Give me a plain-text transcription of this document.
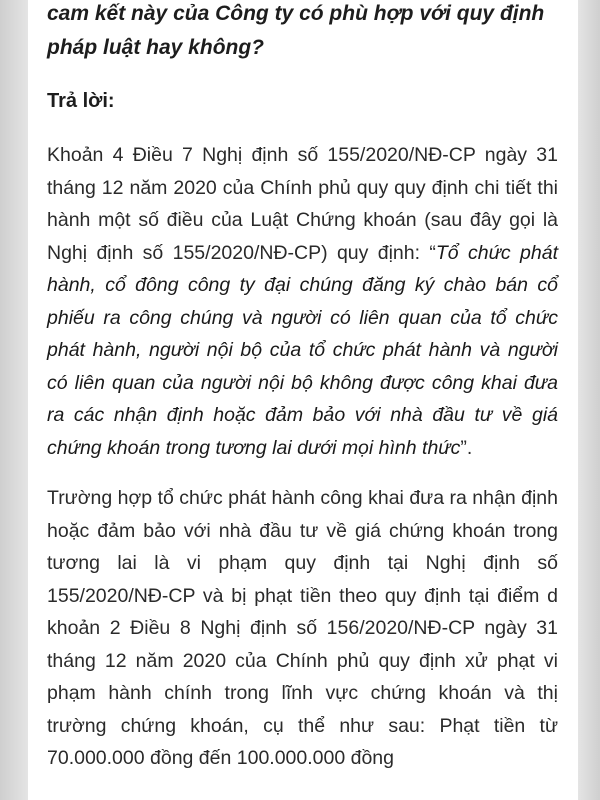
cam kết này của Công ty có phù hợp với quy định pháp luật hay không?

Trả lời:

Khoản 4 Điều 7 Nghị định số 155/2020/NĐ-CP ngày 31 tháng 12 năm 2020 của Chính phủ quy quy định chi tiết thi hành một số điều của Luật Chứng khoán (sau đây gọi là Nghị định số 155/2020/NĐ-CP) quy định: “Tổ chức phát hành, cổ đông công ty đại chúng đăng ký chào bán cổ phiếu ra công chúng và người có liên quan của tổ chức phát hành, người nội bộ của tổ chức phát hành và người có liên quan của người nội bộ không được công khai đưa ra các nhận định hoặc đảm bảo với nhà đầu tư về giá chứng khoán trong tương lai dưới mọi hình thức”.

Trường hợp tổ chức phát hành công khai đưa ra nhận định hoặc đảm bảo với nhà đầu tư về giá chứng khoán trong tương lai là vi phạm quy định tại Nghị định số 155/2020/NĐ-CP và bị phạt tiền theo quy định tại điểm d khoản 2 Điều 8 Nghị định số 156/2020/NĐ-CP ngày 31 tháng 12 năm 2020 của Chính phủ quy định xử phạt vi phạm hành chính trong lĩnh vực chứng khoán và thị trường chứng khoán, cụ thể như sau: Phạt tiền từ 70.000.000 đồng đến 100.000.000 đồng
